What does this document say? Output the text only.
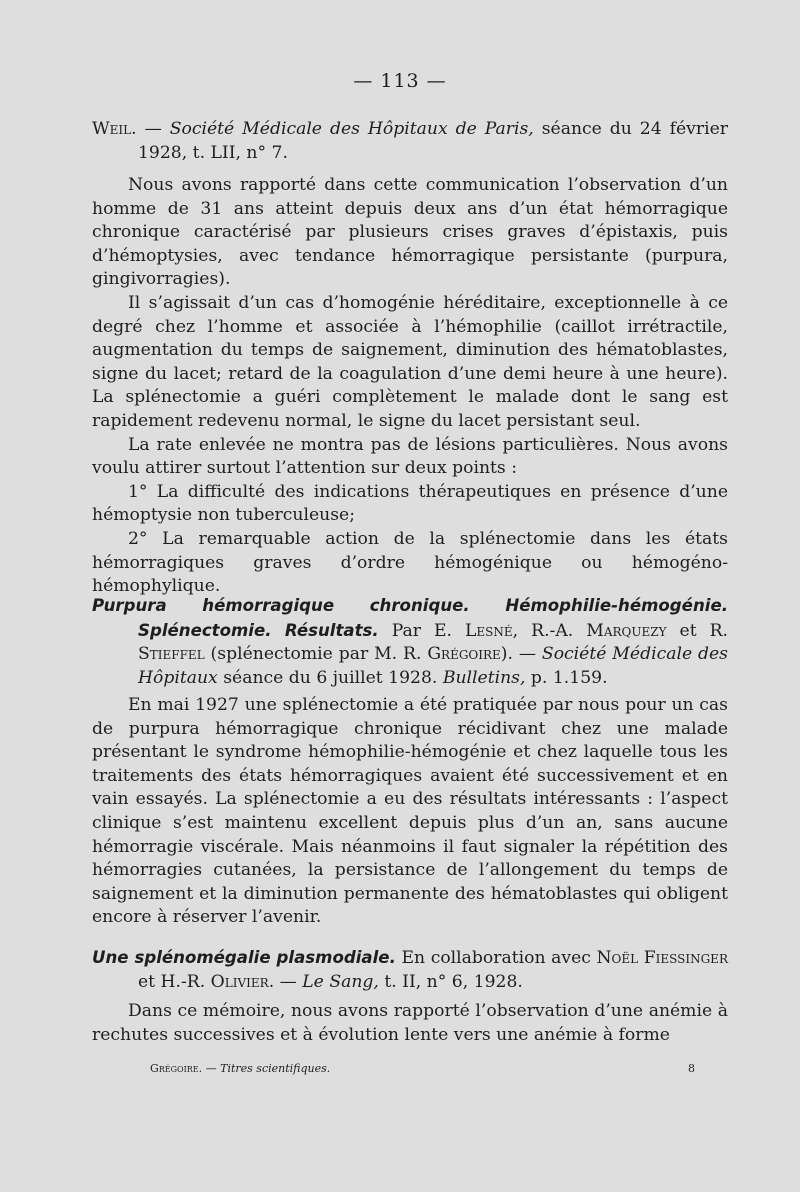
— 113 —

Weil. — Société Médicale des Hôpitaux de Paris, séance du 24 février 1928, t. LII, n° 7.

Nous avons rapporté dans cette communication l’observation d’un homme de 31 ans atteint depuis deux ans d’un état hémorragique chronique caractérisé par plusieurs crises graves d’épistaxis, puis d’hémoptysies, avec tendance hémorragique persistante (purpura, gingivorragies).

Il s’agissait d’un cas d’homogénie héréditaire, exceptionnelle à ce degré chez l’homme et associée à l’hémophilie (caillot irrétractile, augmentation du temps de saignement, diminution des hématoblastes, signe du lacet; retard de la coagulation d’une demi heure à une heure). La splénectomie a guéri complètement le malade dont le sang est rapidement redevenu normal, le signe du lacet persistant seul.

La rate enlevée ne montra pas de lésions particulières. Nous avons voulu attirer surtout l’attention sur deux points :

1° La difficulté des indications thérapeutiques en présence d’une hémoptysie non tuberculeuse;

2° La remarquable action de la splénectomie dans les états hémorragiques graves d’ordre hémogénique ou hémogéno-hémophylique.

Purpura hémorragique chronique. Hémophilie-hémogénie. Splénectomie. Résultats. Par E. Lesné, R.-A. Marquezy et R. Stieffel (splénectomie par M. R. Grégoire). — Société Médicale des Hôpitaux séance du 6 juillet 1928. Bulletins, p. 1.159.

En mai 1927 une splénectomie a été pratiquée par nous pour un cas de purpura hémorragique chronique récidivant chez une malade présentant le syndrome hémophilie-hémogénie et chez laquelle tous les traitements des états hémorragiques avaient été successivement et en vain essayés. La splénectomie a eu des résultats intéressants : l’aspect clinique s’est maintenu excellent depuis plus d’un an, sans aucune hémorragie viscérale. Mais néanmoins il faut signaler la répétition des hémorragies cutanées, la persistance de l’allongement du temps de saignement et la diminution permanente des hématoblastes qui obligent encore à réserver l’avenir.

Une splénomégalie plasmodiale. En collaboration avec Noël Fiessinger et H.-R. Olivier. — Le Sang, t. II, n° 6, 1928.

Dans ce mémoire, nous avons rapporté l’observation d’une anémie à rechutes successives et à évolution lente vers une anémie à forme

Grégoire. — Titres scientifiques.	8
